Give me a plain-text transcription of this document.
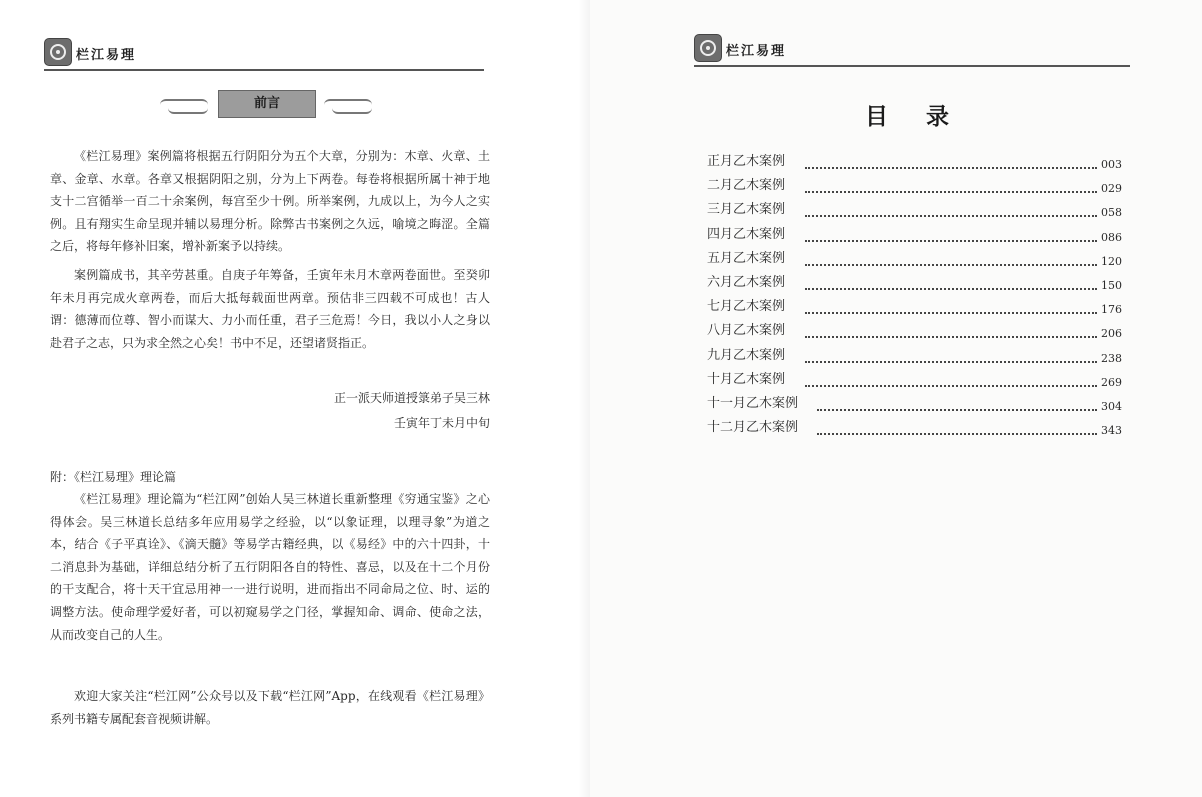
栏江易理
前言

《栏江易理》案例篇将根据五行阴阳分为五个大章，分别为：木章、火章、土章、金章、水章。各章又根据阴阳之别，分为上下两卷。每卷将根据所属十神于地支十二宫循举一百二十余案例，每宫至少十例。所举案例，九成以上，为今人之实例。且有翔实生命呈现并辅以易理分析。除弊古书案例之久远，喻境之晦涩。全篇之后，将每年修补旧案，增补新案予以持续。

案例篇成书，其辛劳甚重。自庚子年筹备，壬寅年未月木章两卷面世。至癸卯年未月再完成火章两卷，而后大抵每载面世两章。预估非三四载不可成也！古人谓：德薄而位尊、智小而谋大、力小而任重，君子三危焉！今日，我以小人之身以赴君子之志，只为求全然之心矣！书中不足，还望诸贤指正。

正一派天师道授箓弟子吴三林
壬寅年丁未月中旬
附：《栏江易理》理论篇

《栏江易理》理论篇为“栏江网”创始人吴三林道长重新整理《穷通宝鉴》之心得体会。吴三林道长总结多年应用易学之经验，以“以象证理，以理寻象”为道之本，结合《子平真诠》、《滴天髓》等易学古籍经典，以《易经》中的六十四卦，十二消息卦为基础，详细总结分析了五行阴阳各自的特性、喜忌，以及在十二个月份的干支配合，将十天干宜忌用神一一进行说明，进而指出不同命局之位、时、运的调整方法。使命理学爱好者，可以初窥易学之门径，掌握知命、调命、使命之法，从而改变自己的人生。

欢迎大家关注“栏江网”公众号以及下载“栏江网”App，在线观看《栏江易理》系列书籍专属配套音视频讲解。

栏江易理
目录
正月乙木案例	003
二月乙木案例	029
三月乙木案例	058
四月乙木案例	086
五月乙木案例	120
六月乙木案例	150
七月乙木案例	176
八月乙木案例	206
九月乙木案例	238
十月乙木案例	269
十一月乙木案例	304
十二月乙木案例	343
